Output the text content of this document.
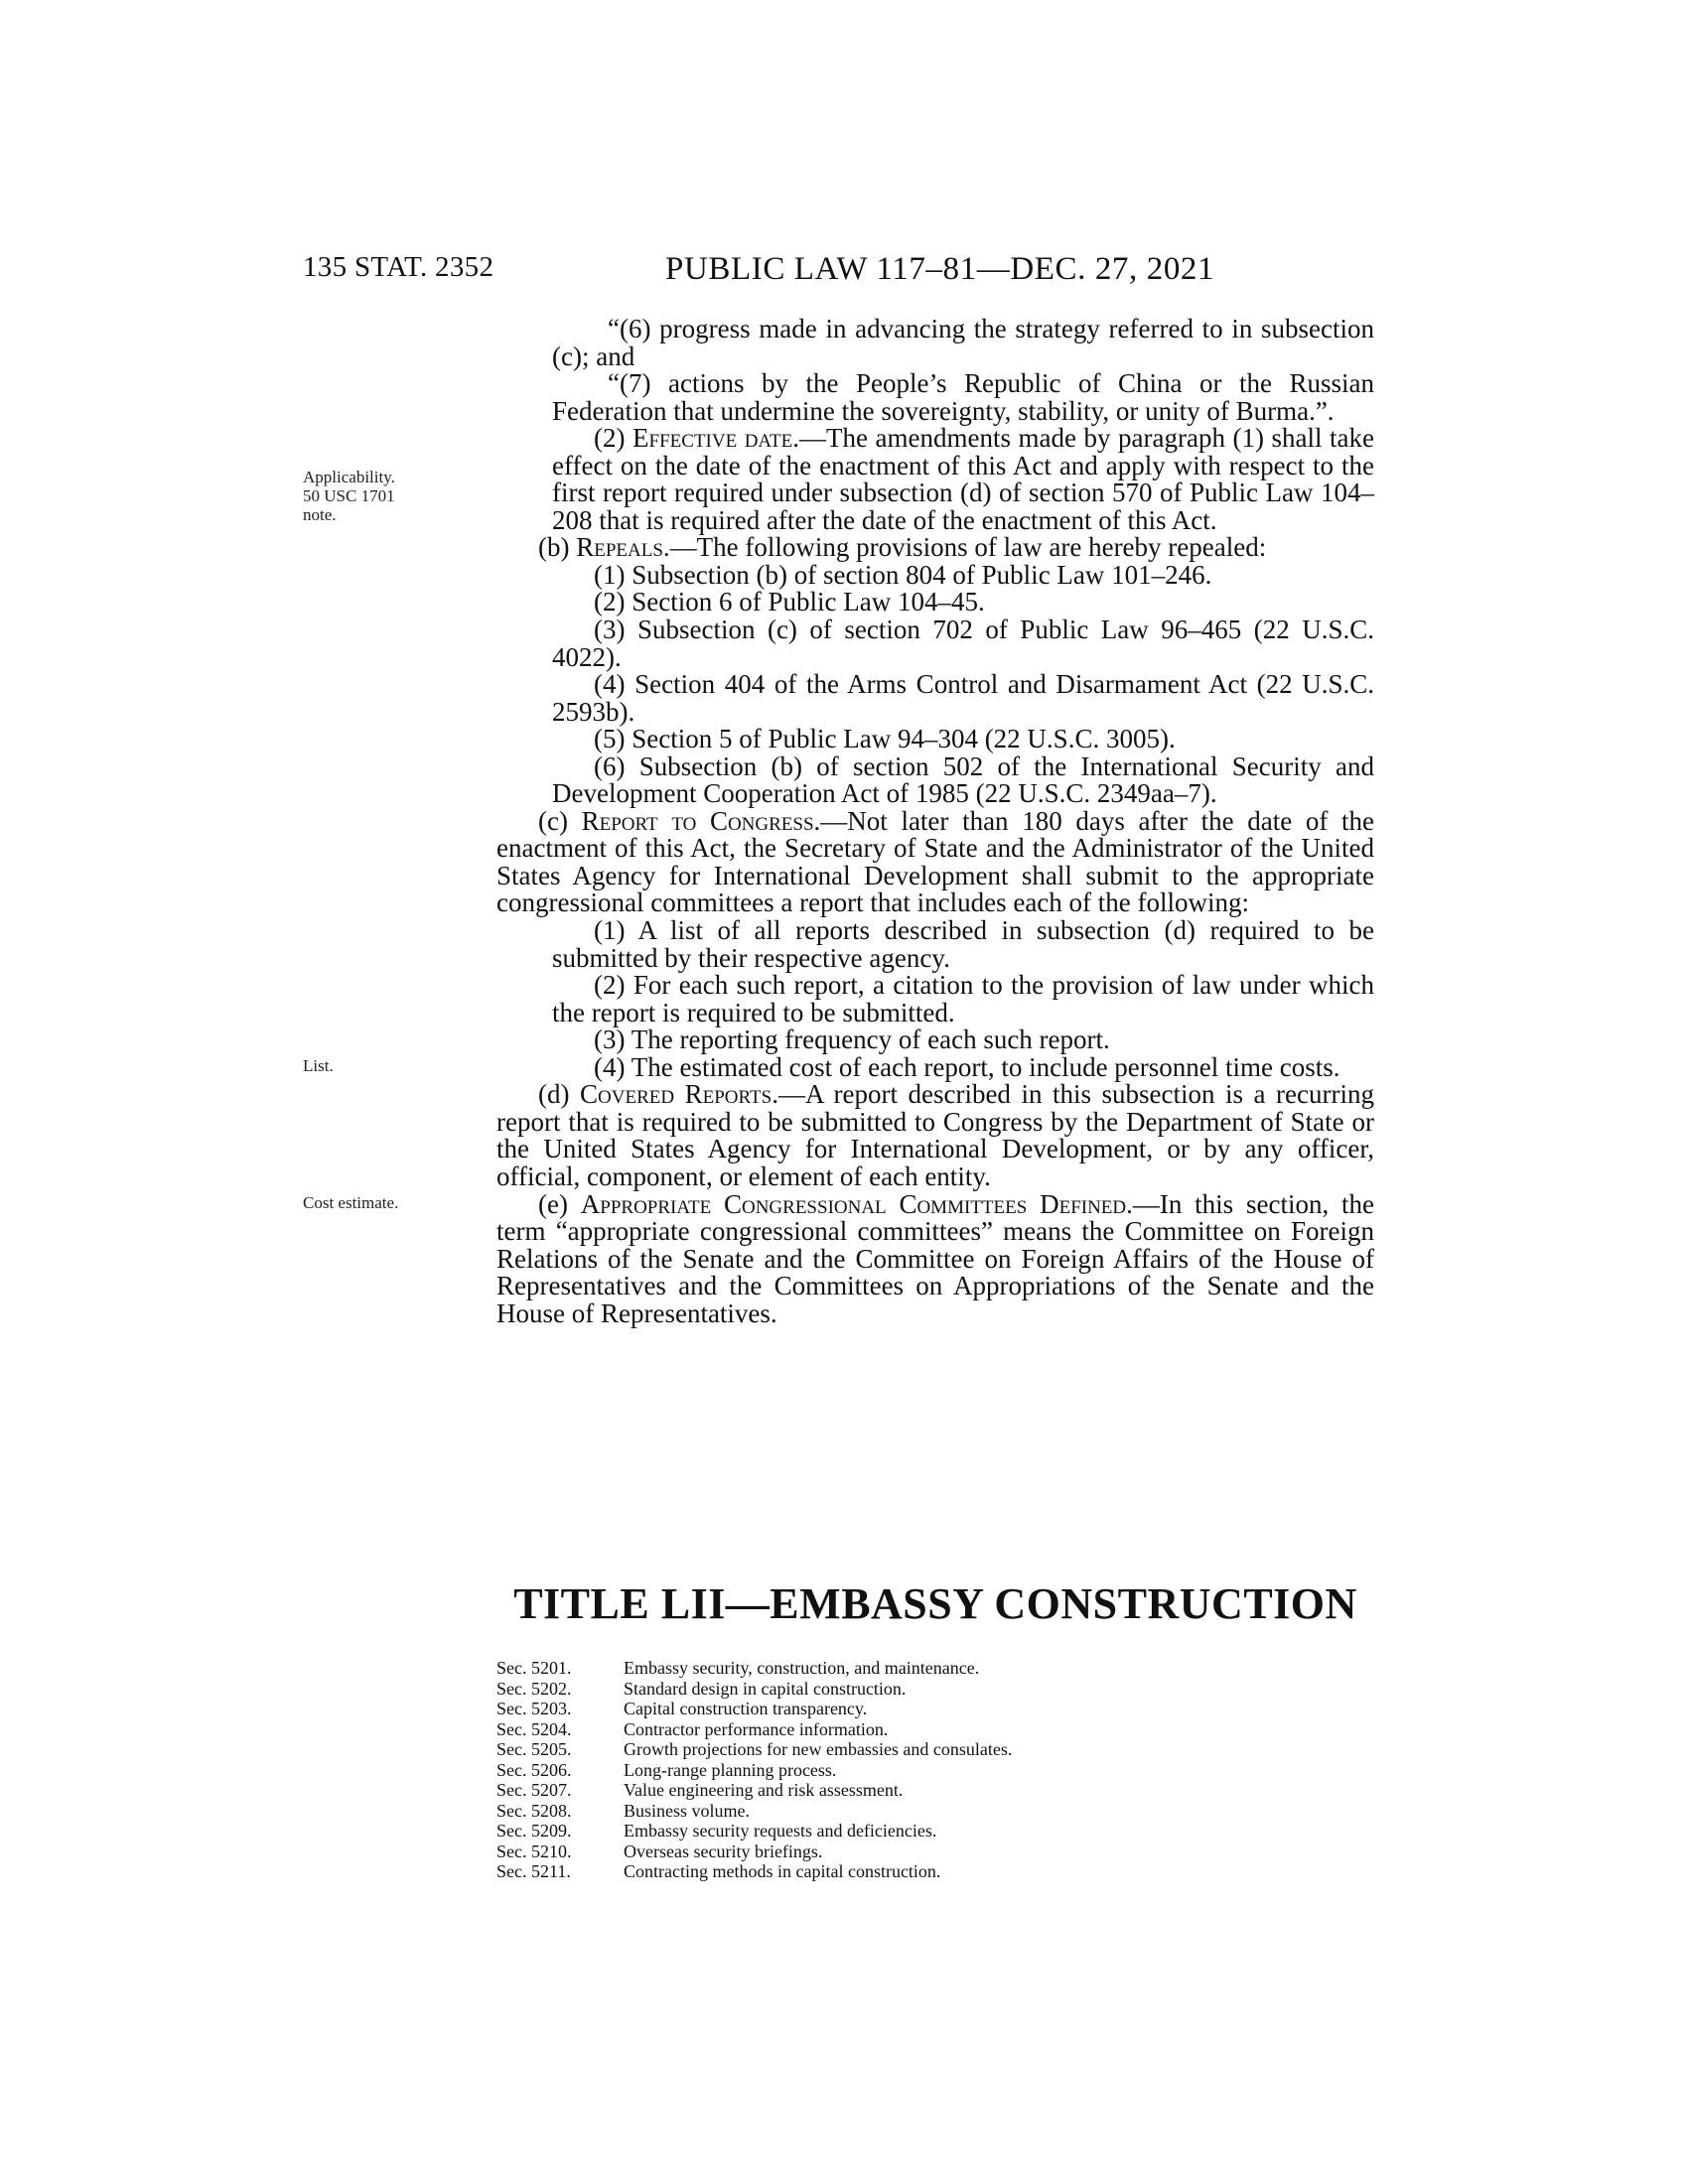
135 STAT. 2352	PUBLIC LAW 117–81—DEC. 27, 2021
Applicability.
50 USC 1701
note.
List.
Cost estimate.

“(6) progress made in advancing the strategy referred to in subsection (c); and

“(7) actions by the People’s Republic of China or the Russian Federation that undermine the sovereignty, stability, or unity of Burma.”.

(2) Effective date.—The amendments made by paragraph (1) shall take effect on the date of the enactment of this Act and apply with respect to the first report required under subsection (d) of section 570 of Public Law 104–208 that is required after the date of the enactment of this Act.

(b) Repeals.—The following provisions of law are hereby repealed:

(1) Subsection (b) of section 804 of Public Law 101–246.

(2) Section 6 of Public Law 104–45.

(3) Subsection (c) of section 702 of Public Law 96–465 (22 U.S.C. 4022).

(4) Section 404 of the Arms Control and Disarmament Act (22 U.S.C. 2593b).

(5) Section 5 of Public Law 94–304 (22 U.S.C. 3005).

(6) Subsection (b) of section 502 of the International Security and Development Cooperation Act of 1985 (22 U.S.C. 2349aa–7).

(c) Report to Congress.—Not later than 180 days after the date of the enactment of this Act, the Secretary of State and the Administrator of the United States Agency for International Development shall submit to the appropriate congressional committees a report that includes each of the following:

(1) A list of all reports described in subsection (d) required to be submitted by their respective agency.

(2) For each such report, a citation to the provision of law under which the report is required to be submitted.

(3) The reporting frequency of each such report.

(4) The estimated cost of each report, to include personnel time costs.

(d) Covered Reports.—A report described in this subsection is a recurring report that is required to be submitted to Congress by the Department of State or the United States Agency for International Development, or by any officer, official, component, or element of each entity.

(e) Appropriate Congressional Committees Defined.—In this section, the term “appropriate congressional committees” means the Committee on Foreign Relations of the Senate and the Committee on Foreign Affairs of the House of Representatives and the Committees on Appropriations of the Senate and the House of Representatives.

TITLE LII—EMBASSY CONSTRUCTION
Sec. 5201.	Embassy security, construction, and maintenance.
Sec. 5202.	Standard design in capital construction.
Sec. 5203.	Capital construction transparency.
Sec. 5204.	Contractor performance information.
Sec. 5205.	Growth projections for new embassies and consulates.
Sec. 5206.	Long-range planning process.
Sec. 5207.	Value engineering and risk assessment.
Sec. 5208.	Business volume.
Sec. 5209.	Embassy security requests and deficiencies.
Sec. 5210.	Overseas security briefings.
Sec. 5211.	Contracting methods in capital construction.
